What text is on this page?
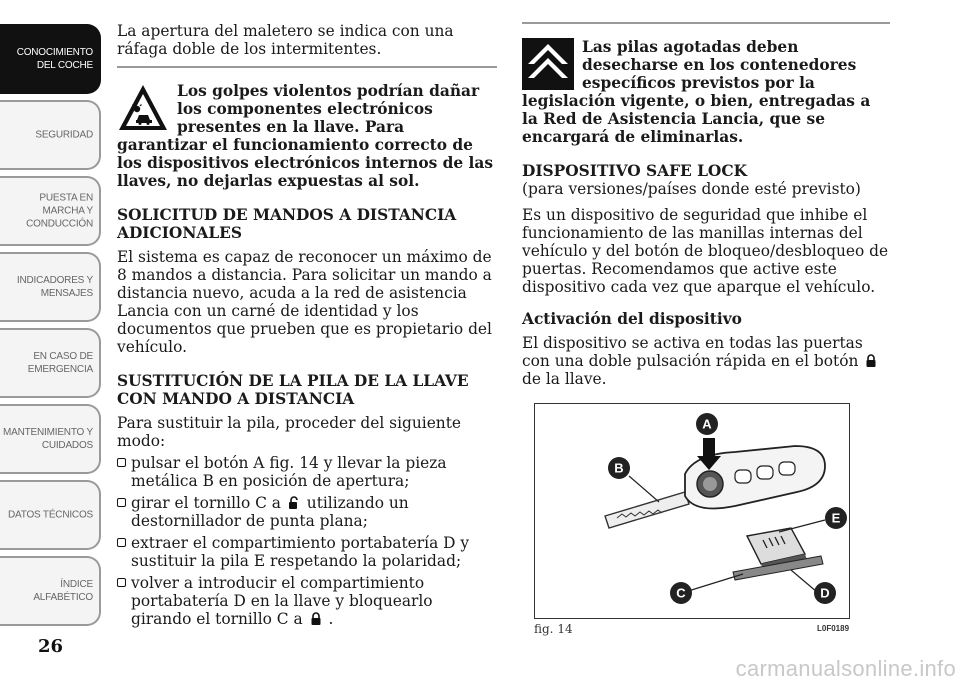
CONOCIMIENTO
DEL COCHE
SEGURIDAD
PUESTA EN
MARCHA Y
CONDUCCIÓN
INDICADORES Y
MENSAJES
EN CASO DE
EMERGENCIA
MANTENIMIENTO Y
CUIDADOS
DATOS TÉCNICOS
ÍNDICE
ALFABÉTICO
26

La apertura del maletero se indica con una ráfaga doble de los intermitentes.

Los golpes violentos podrían dañar los componentes electrónicos presentes en la llave. Para garantizar el funcionamiento correcto de los dispositivos electrónicos internos de las llaves, no dejarlas expuestas al sol.

SOLICITUD DE MANDOS A DISTANCIA ADICIONALES

El sistema es capaz de reconocer un máximo de 8 mandos a distancia. Para solicitar un mando a distancia nuevo, acuda a la red de asistencia Lancia con un carné de identidad y los documentos que prueben que es propietario del vehículo.

SUSTITUCIÓN DE LA PILA DE LA LLAVE CON MANDO A DISTANCIA

Para sustituir la pila, proceder del siguiente modo:

pulsar el botón A fig. 14 y llevar la pieza metálica B en posición de apertura;
girar el tornillo C a utilizando un destornillador de punta plana;
extraer el compartimiento portabatería D y sustituir la pila E respetando la polaridad;
volver a introducir el compartimiento portabatería D en la llave y bloquearlo girando el tornillo C a .

Las pilas agotadas deben desecharse en los contenedores específicos previstos por la legislación vigente, o bien, entregadas a la Red de Asistencia Lancia, que se encargará de eliminarlas.

DISPOSITIVO SAFE LOCK

(para versiones/países donde esté previsto)

Es un dispositivo de seguridad que inhibe el funcionamiento de las manillas internas del vehículo y del botón de bloqueo/desbloqueo de puertas. Recomendamos que active este dispositivo cada vez que aparque el vehículo.

Activación del dispositivo

El dispositivo se activa en todas las puertas con una doble pulsación rápida en el botón  de la llave.

A
B
E
C	D
fig. 14	L0F0189
carmanualsonline.info
